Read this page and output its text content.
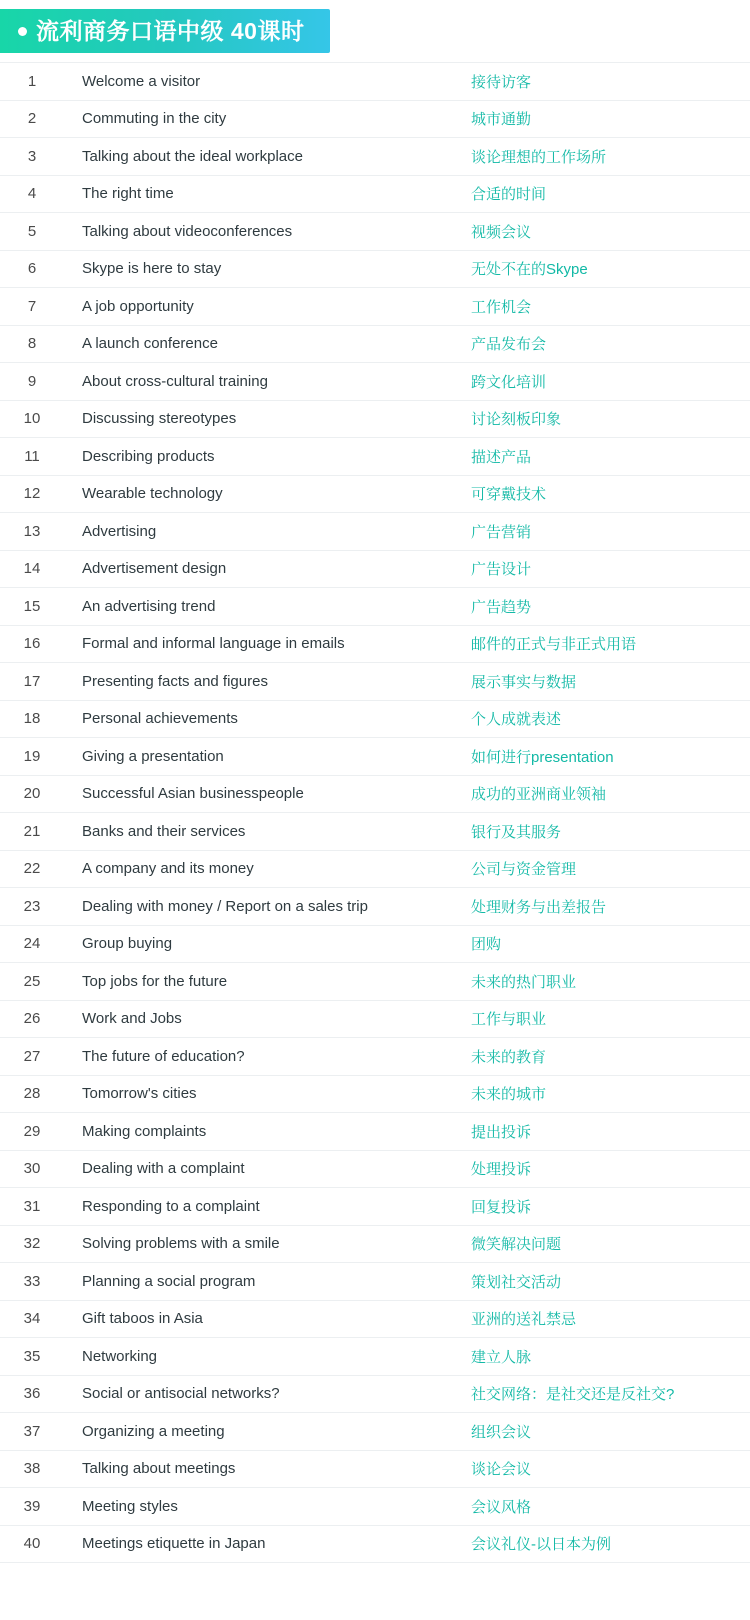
流利商务口语中级 40课时
1	Welcome a visitor	接待访客
2	Commuting in the city	城市通勤
3	Talking about the ideal workplace	谈论理想的工作场所
4	The right time	合适的时间
5	Talking about videoconferences	视频会议
6	Skype is here to stay	无处不在的Skype
7	A job opportunity	工作机会
8	A launch conference	产品发布会
9	About cross-cultural training	跨文化培训
10	Discussing stereotypes	讨论刻板印象
11	Describing products	描述产品
12	Wearable technology	可穿戴技术
13	Advertising	广告营销
14	Advertisement design	广告设计
15	An advertising trend	广告趋势
16	Formal and informal language in emails	邮件的正式与非正式用语
17	Presenting facts and figures	展示事实与数据
18	Personal achievements	个人成就表述
19	Giving a presentation	如何进行presentation
20	Successful Asian businesspeople	成功的亚洲商业领袖
21	Banks and their services	银行及其服务
22	A company and its money	公司与资金管理
23	Dealing with money / Report on a sales trip	处理财务与出差报告
24	Group buying	团购
25	Top jobs for the future	未来的热门职业
26	Work and Jobs	工作与职业
27	The future of education?	未来的教育
28	Tomorrow's cities	未来的城市
29	Making complaints	提出投诉
30	Dealing with a complaint	处理投诉
31	Responding to a complaint	回复投诉
32	Solving problems with a smile	微笑解决问题
33	Planning a social program	策划社交活动
34	Gift taboos in Asia	亚洲的送礼禁忌
35	Networking	建立人脉
36	Social or antisocial networks?	社交网络：是社交还是反社交?
37	Organizing a meeting	组织会议
38	Talking about meetings	谈论会议
39	Meeting styles	会议风格
40	Meetings etiquette in Japan	会议礼仪-以日本为例
